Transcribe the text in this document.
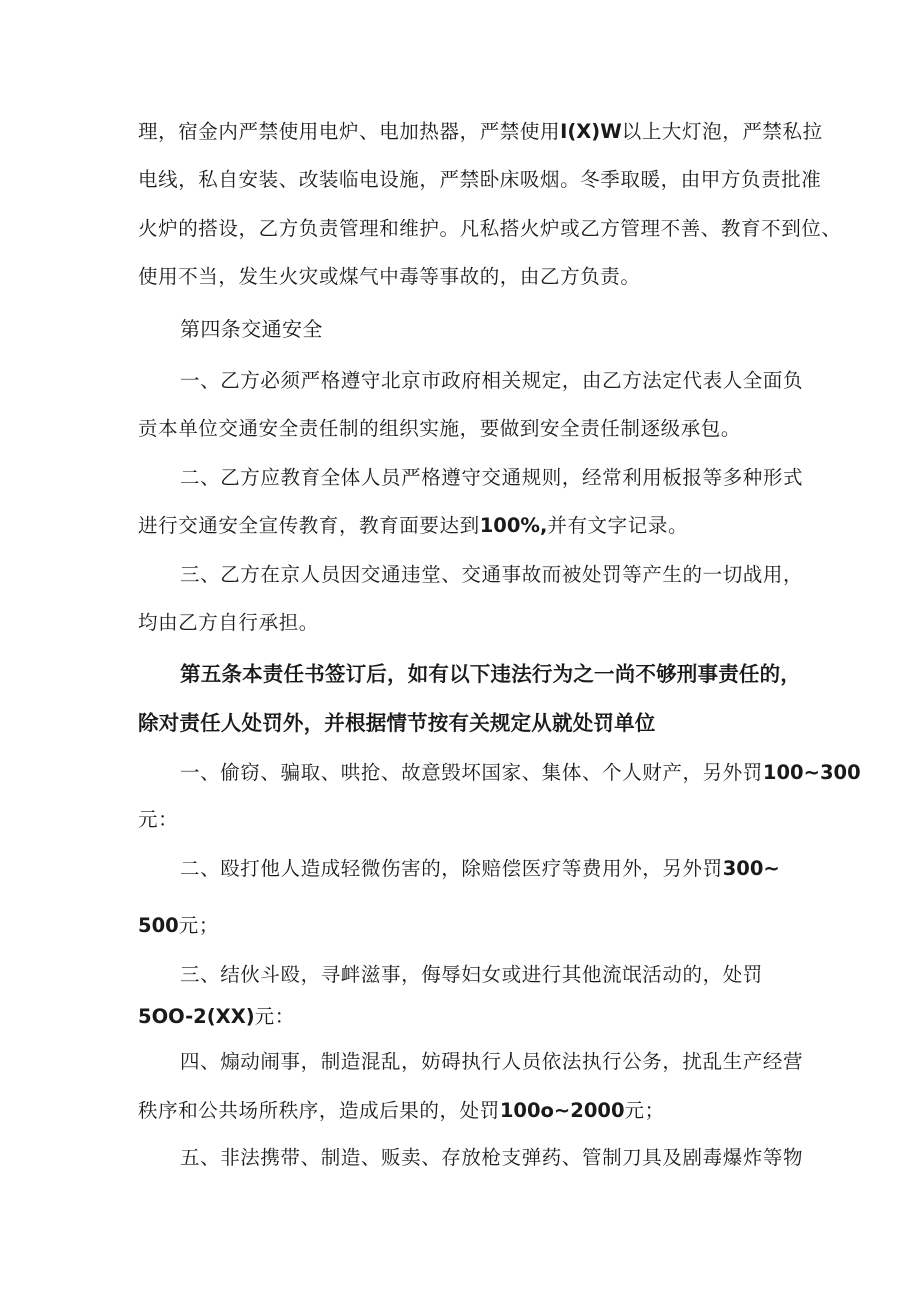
理，宿金内严禁使用电炉、电加热器，严禁使用I(X)W以上大灯泡，严禁私拉
电线，私自安装、改装临电设施，严禁卧床吸烟。冬季取暖，由甲方负责批准
火炉的搭设，乙方负责管理和维护。凡私搭火炉或乙方管理不善、教育不到位、
使用不当，发生火灾或煤气中毒等事故的，由乙方负责。
第四条交通安全
一、乙方必须严格遵守北京市政府相关规定，由乙方法定代表人全面负
贡本单位交通安全责任制的组织实施，要做到安全责任制逐级承包。
二、乙方应教育全体人员严格遵守交通规则，经常利用板报等多种形式
进行交通安全宣传教育，教育面要达到100%,并有文字记录。
三、乙方在京人员因交通违堂、交通事故而被处罚等产生的一切战用，
均由乙方自行承担。
第五条本责任书签订后，如有以下违法行为之一尚不够刑事责任的，
除对责任人处罚外，并根据情节按有关规定从就处罚单位
一、偷窃、骗取、哄抢、故意毁坏国家、集体、个人财产，另外罚100~300
元：
二、殴打他人造成轻微伤害的，除赔偿医疗等费用外，另外罚300~
500元；
三、结伙斗殴，寻衅滋事，侮辱妇女或进行其他流氓活动的，处罚
5OO-2(XX)元：
四、煽动闹事，制造混乱，妨碍执行人员依法执行公务，扰乱生产经营
秩序和公共场所秩序，造成后果的，处罚100o~2000元；
五、非法携带、制造、贩卖、存放枪支弹药、管制刀具及剧毒爆炸等物
